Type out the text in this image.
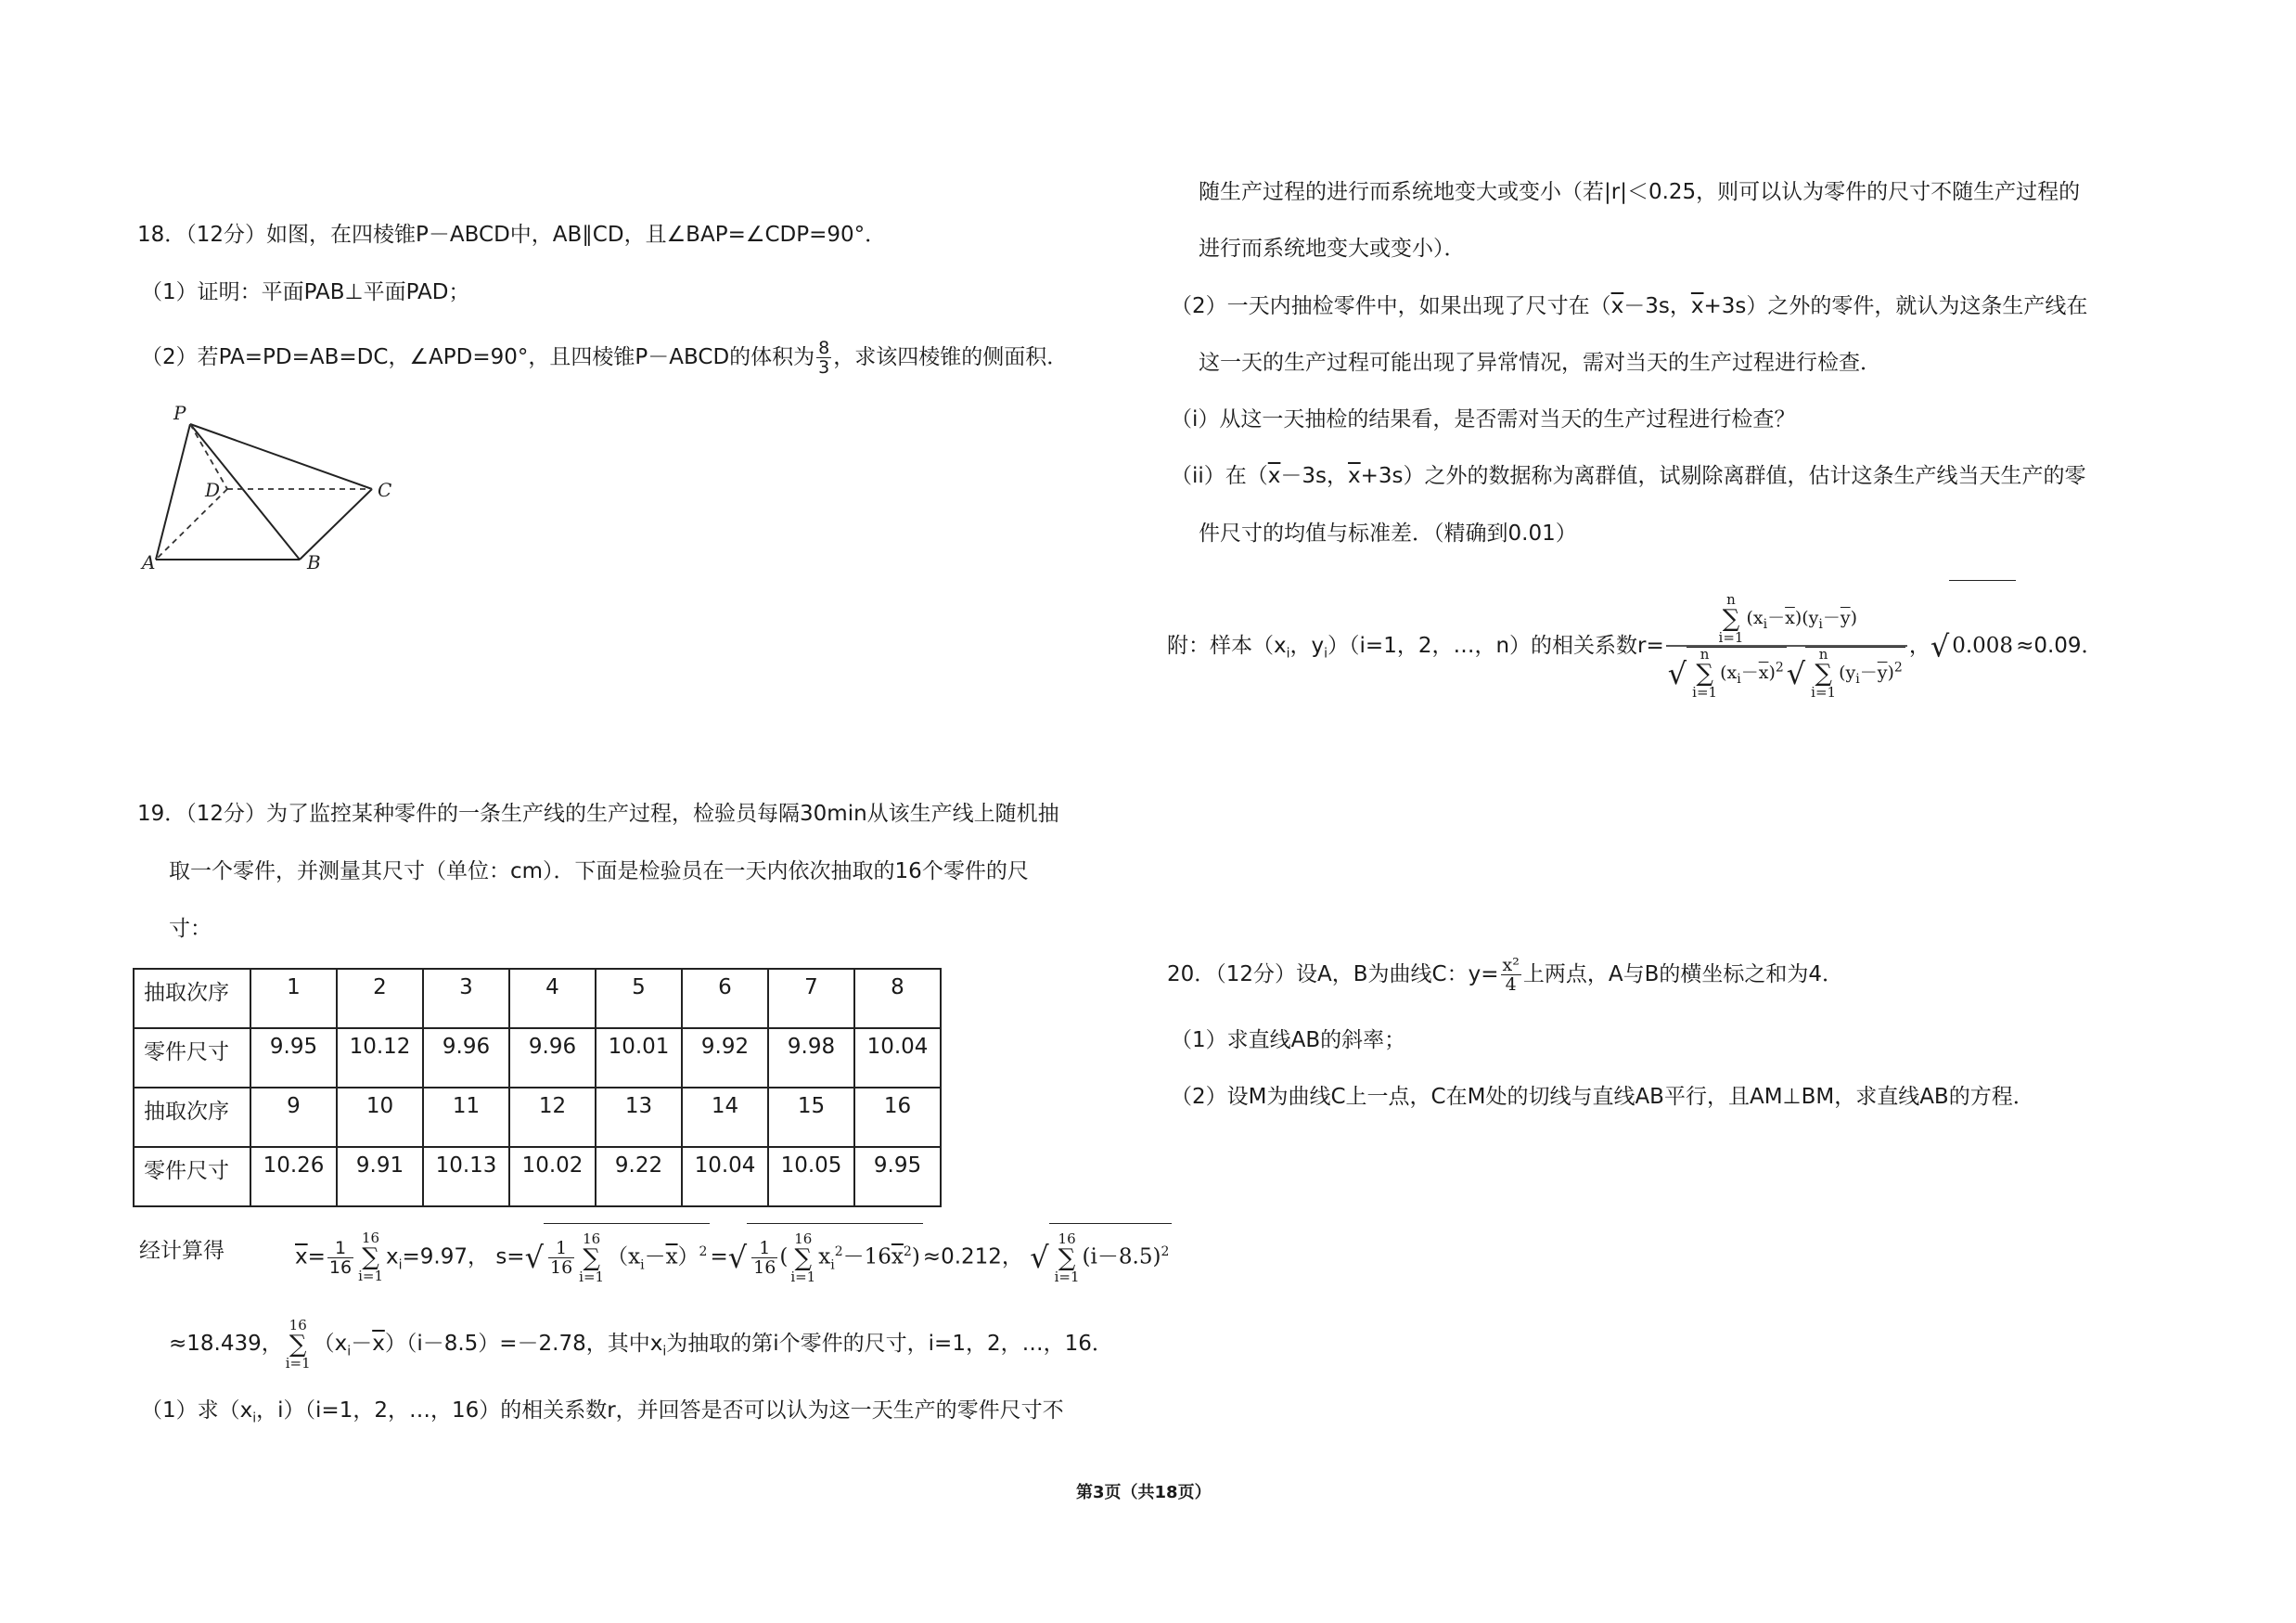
18．（12分）如图，在四棱锥P－ABCD中，AB∥CD，且∠BAP=∠CDP=90°．
（1）证明：平面PAB⊥平面PAD；
（2）若PA=PD=AB=DC，∠APD=90°，且四棱锥P－ABCD的体积为 $\frac{8}{3}$ ，求该四棱锥的侧面积．
P
D	C
A	B
19．（12分）为了监控某种零件的一条生产线的生产过程，检验员每隔30min从该生产线上随机抽
取一个零件，并测量其尺寸（单位：cm）．下面是检验员在一天内依次抽取的16个零件的尺
寸：
抽取次序	1	2	3	4	5	6	7	8
零件尺寸	9.95	10.12	9.96	9.96	10.01	9.92	9.98	10.04
抽取次序	9	10	11	12	13	14	15	16
零件尺寸	10.26	9.91	10.13	10.02	9.22	10.04	10.05	9.95
经计算得	$\overline{x}= \frac{1}{16}$
16
∑
$i=1x_i=9.97$， $s=√ \frac{1}{16}$
16
∑
$i=1(x_i-\overline{x})^2$ =√ $\frac{1}{16} (16$
∑
$i=1x_i^2-16\overline{x}^2) \approx 0.212$， √16
∑
$i=1(i-8.5)^2$
≈18.439，16
∑
$i=1(x_i-\overline{x})(i-8.5)=-2.78$，其中$x_i$为抽取的第i个零件的尺寸，i=1，2，…，16．
（1）求（$x_i$，i）（i=1，2，…，16）的相关系数r，并回答是否可以认为这一天生产的零件尺寸不
随生产过程的进行而系统地变大或变小（若|r|＜0.25，则可以认为零件的尺寸不随生产过程的
进行而系统地变大或变小）．
（2）一天内抽检零件中，如果出现了尺寸在（$\overline{x}-3s$，$\overline{x}+3s$）之外的零件，就认为这条生产线在
这一天的生产过程可能出现了异常情况，需对当天的生产过程进行检查．
（i）从这一天抽检的结果看，是否需对当天的生产过程进行检查？
（ii）在（$\overline{x}-3s$，$\overline{x}+3s$）之外的数据称为离群值，试剔除离群值，估计这条生产线当天生产的零
件尺寸的均值与标准差．（精确到0.01）
附：样本（$x_i$，$y_i)(i=1$，2，…，n）的相关系数r= n
∑
$i=1(x_i-\overline{x})(y_i-\overline{y})$
√n
∑
$i=1(x_i-\overline{x})^2√n$
∑
$i=1(y_i-\overline{y})^2$ ，√ 0.008 ≈0.09．
20．（12分）设A，B为曲线C：$y= \frac{\text{x²}}{4}$ 上两点，A与B的横坐标之和为4．
（1）求直线AB的斜率；
（2）设M为曲线C上一点，C在M处的切线与直线AB平行，且AM⊥BM，求直线AB的方程．
第3页（共18页）
